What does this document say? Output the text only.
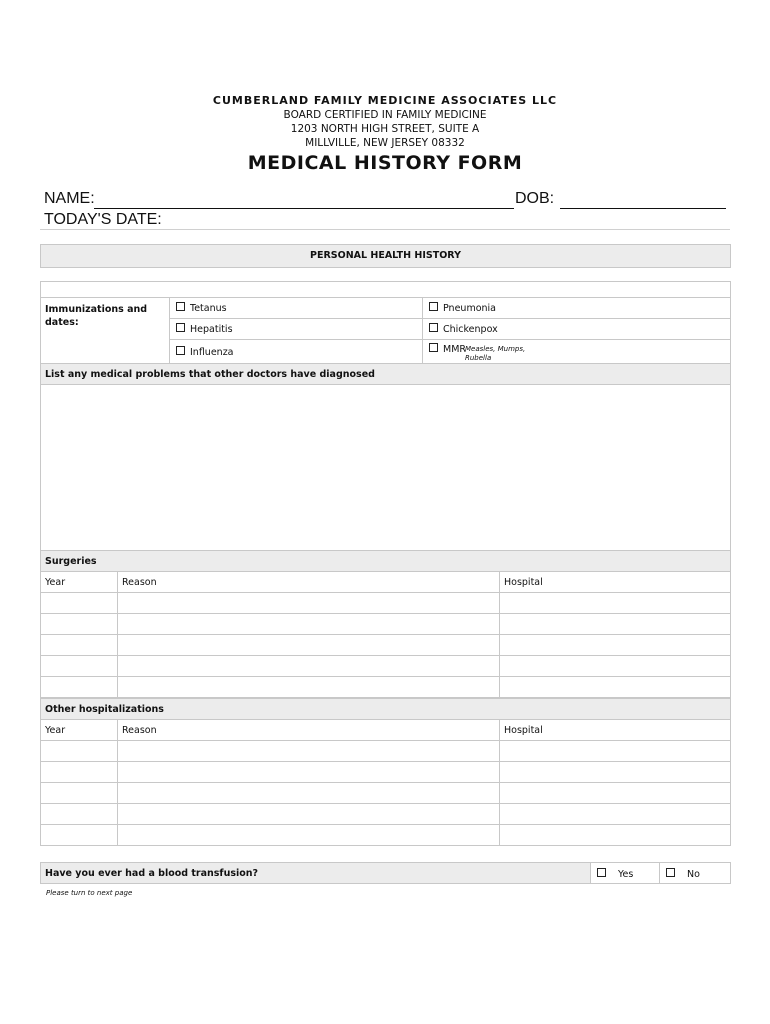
CUMBERLAND FAMILY MEDICINE ASSOCIATES LLC
BOARD CERTIFIED IN FAMILY MEDICINE
1203 NORTH HIGH STREET, SUITE A
MILLVILLE, NEW JERSEY 08332
MEDICAL HISTORY FORM
NAME:	DOB:
TODAY'S DATE:
PERSONAL HEALTH HISTORY
Immunizations and dates:
Tetanus	Pneumonia
Hepatitis	Chickenpox
Influenza	MMR Measles, Mumps, Rubella
List any medical problems that other doctors have diagnosed
Surgeries
Year	Reason	Hospital
Other hospitalizations
Year	Reason	Hospital
Have you ever had a blood transfusion?	Yes	No
Please turn to next page
